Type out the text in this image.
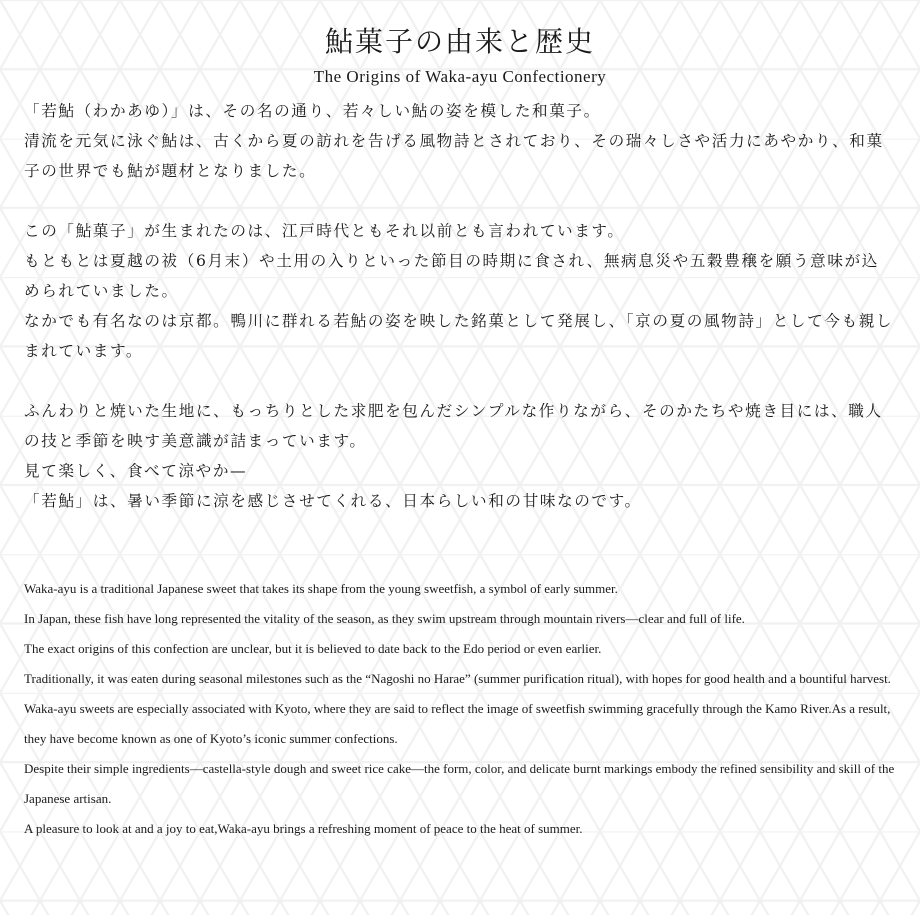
鮎菓子の由来と歴史
The Origins of Waka-ayu Confectionery

「若鮎（わかあゆ）」は、その名の通り、若々しい鮎の姿を模した和菓子。
清流を元気に泳ぐ鮎は、古くから夏の訪れを告げる風物詩とされており、その瑞々しさや活力にあやかり、和菓子の世界でも鮎が題材となりました。

この「鮎菓子」が生まれたのは、江戸時代ともそれ以前とも言われています。
もともとは夏越の祓（6月末）や土用の入りといった節目の時期に食され、無病息災や五穀豊穣を願う意味が込められていました。
なかでも有名なのは京都。鴨川に群れる若鮎の姿を映した銘菓として発展し、「京の夏の風物詩」として今も親しまれています。

ふんわりと焼いた生地に、もっちりとした求肥を包んだシンプルな作りながら、そのかたちや焼き目には、職人の技と季節を映す美意識が詰まっています。
見て楽しく、食べて涼やか—
「若鮎」は、暑い季節に涼を感じさせてくれる、日本らしい和の甘味なのです。

Waka-ayu is a traditional Japanese sweet that takes its shape from the young sweetfish, a symbol of early summer.

In Japan, these fish have long represented the vitality of the season, as they swim upstream through mountain rivers—clear and full of life.

The exact origins of this confection are unclear, but it is believed to date back to the Edo period or even earlier.

Traditionally, it was eaten during seasonal milestones such as the “Nagoshi no Harae” (summer purification ritual), with hopes for good health and a bountiful harvest.

Waka-ayu sweets are especially associated with Kyoto, where they are said to reflect the image of sweetfish swimming gracefully through the Kamo River.As a result, they have become known as one of Kyoto’s iconic summer confections.

Despite their simple ingredients—castella-style dough and sweet rice cake—the form, color, and delicate burnt markings embody the refined sensibility and skill of the Japanese artisan.

A pleasure to look at and a joy to eat,Waka-ayu brings a refreshing moment of peace to the heat of summer.
